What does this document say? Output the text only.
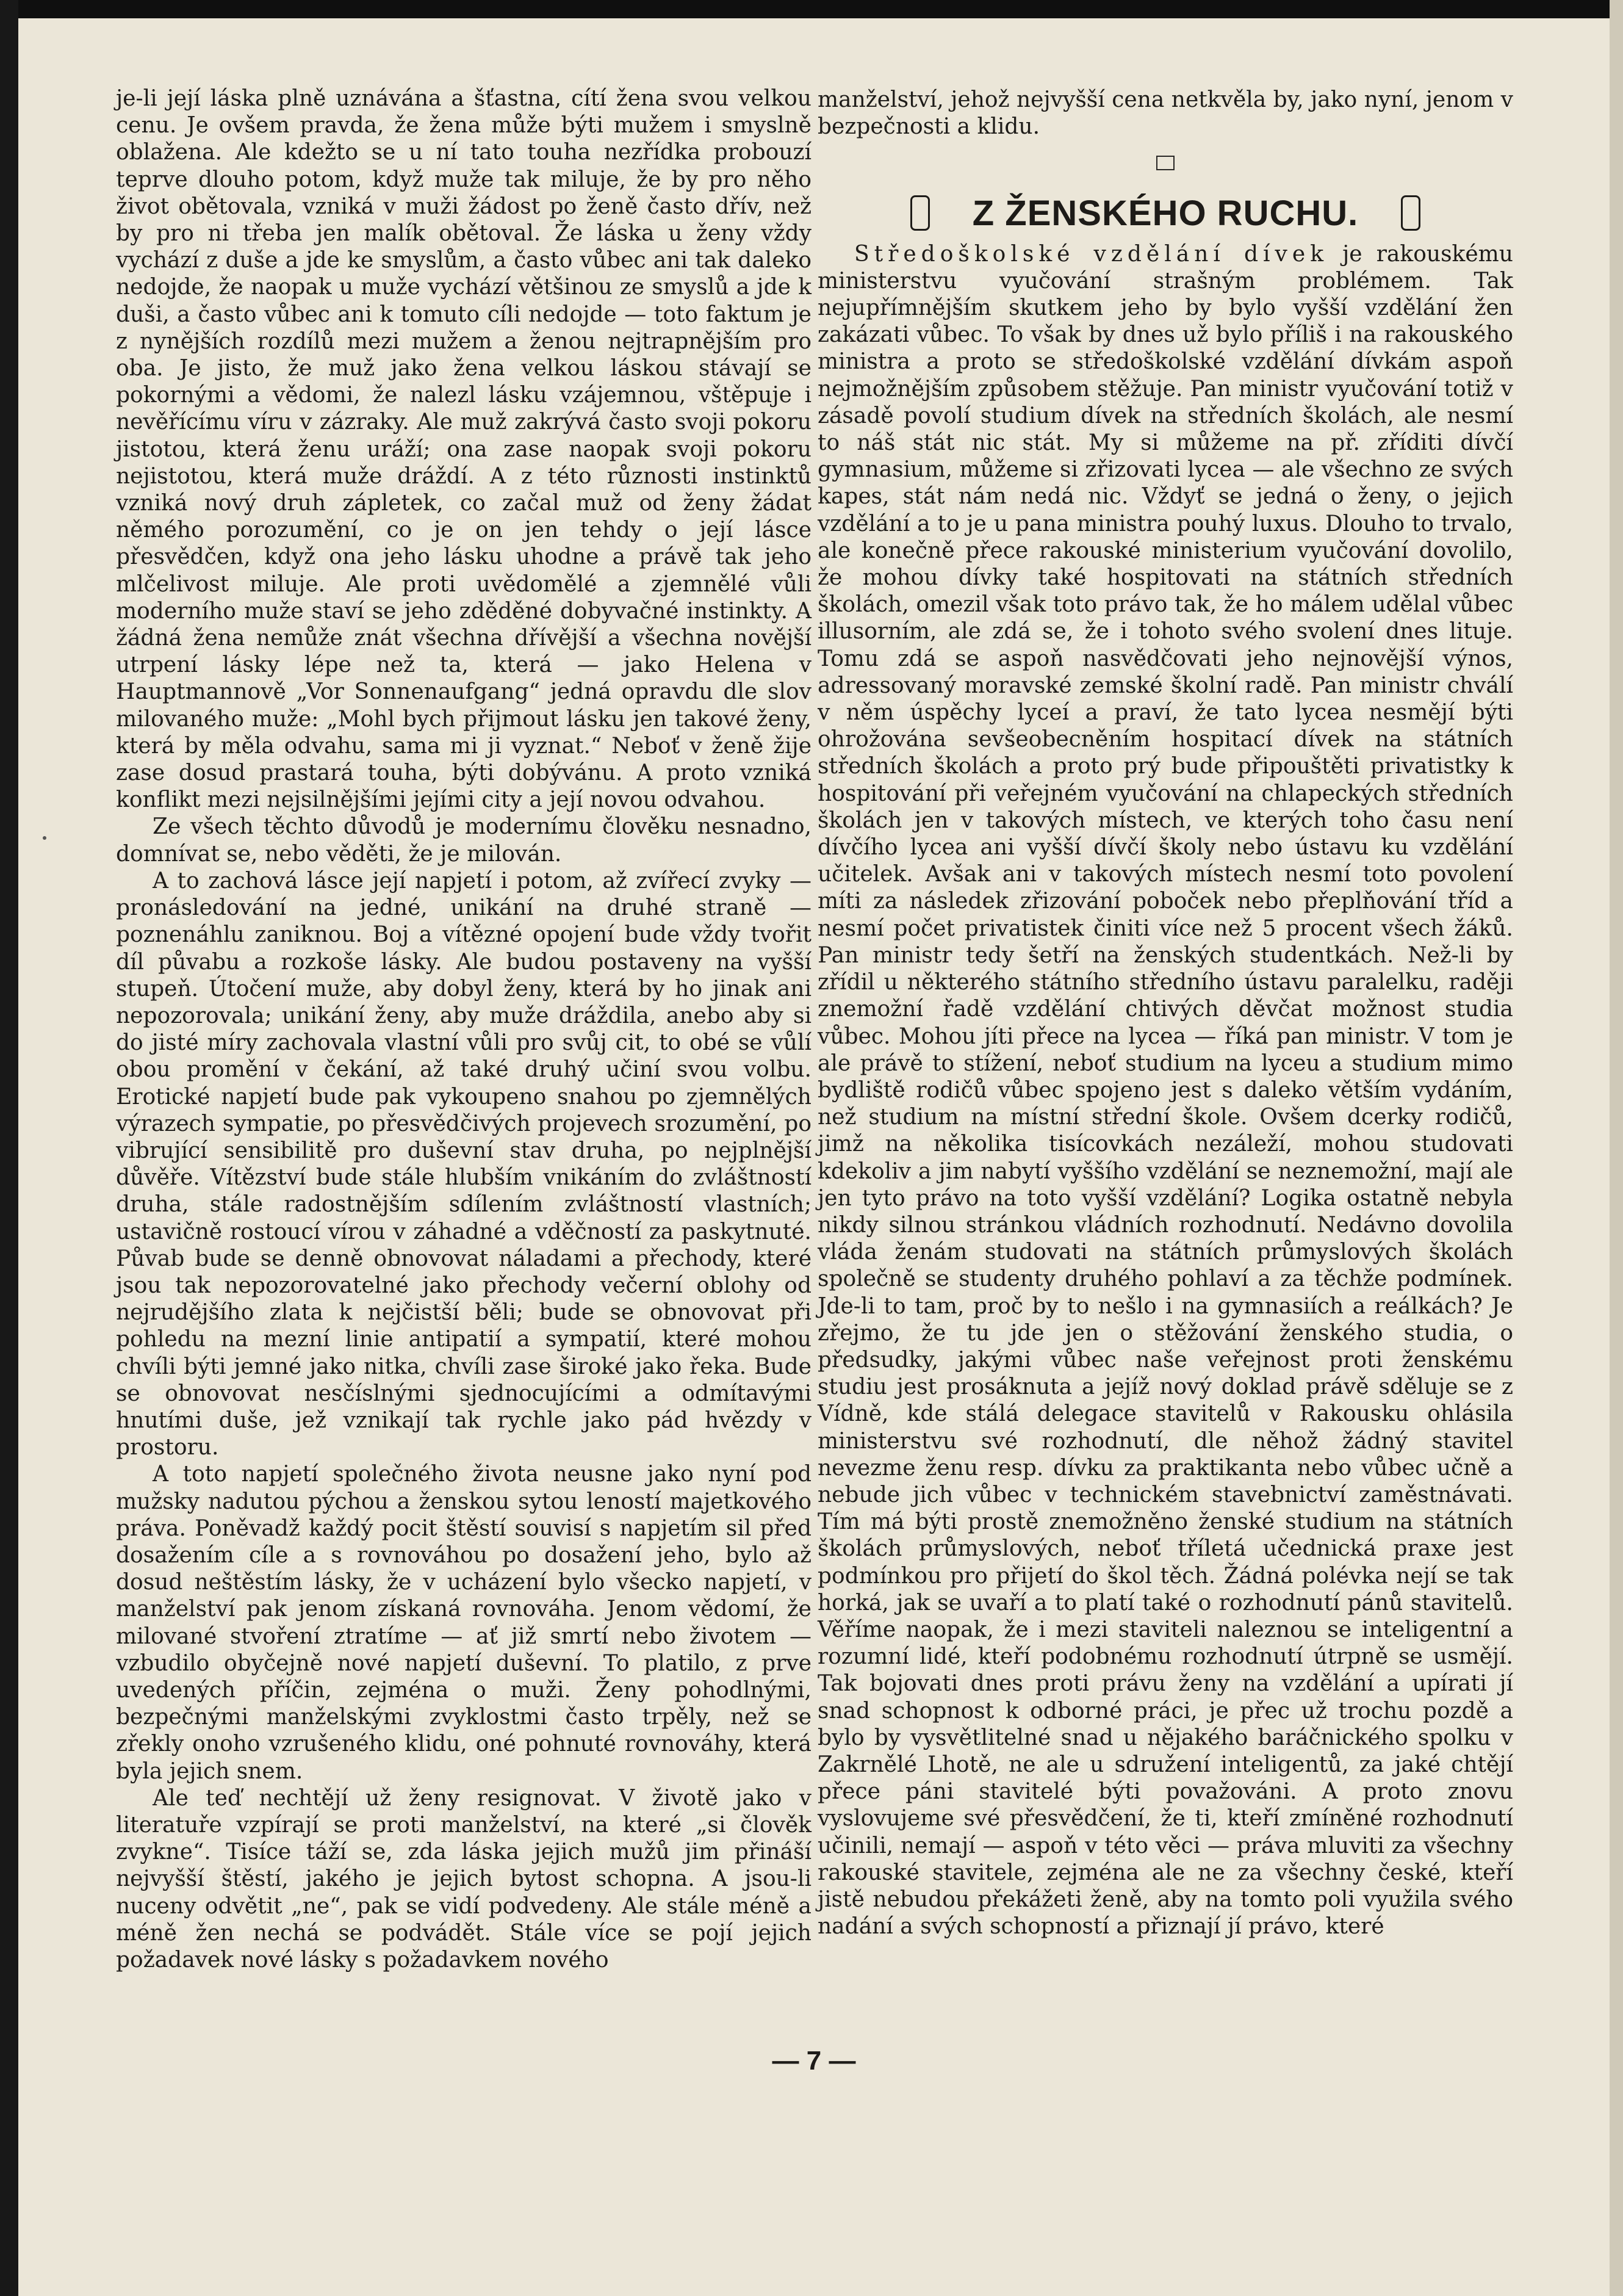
je-li její láska plně uznávána a šťastna, cítí žena svou velkou cenu. Je ovšem pravda, že žena může býti mužem i smyslně oblažena. Ale kdežto se u ní tato touha nezřídka probouzí teprve dlouho potom, když muže tak miluje, že by pro něho život obětovala, vzniká v muži žádost po ženě často dřív, než by pro ni třeba jen malík obětoval. Že láska u ženy vždy vychází z duše a jde ke smyslům, a často vůbec ani tak daleko nedojde, že naopak u muže vychází většinou ze smyslů a jde k duši, a často vůbec ani k tomuto cíli nedojde — toto faktum je z nynějších rozdílů mezi mužem a ženou nejtrapnějším pro oba. Je jisto, že muž jako žena velkou láskou stávají se pokornými a vědomi, že nalezl lásku vzájemnou, vštěpuje i nevěřícímu víru v zázraky. Ale muž zakrývá často svoji pokoru jistotou, která ženu uráží; ona zase naopak svoji pokoru nejistotou, která muže dráždí. A z této různosti instinktů vzniká nový druh zápletek, co začal muž od ženy žádat němého porozumění, co je on jen tehdy o její lásce přesvědčen, když ona jeho lásku uhodne a právě tak jeho mlčelivost miluje. Ale proti uvědomělé a zjemnělé vůli moderního muže staví se jeho zděděné dobyvačné instinkty. A žádná žena nemůže znát všechna dřívější a všechna novější utrpení lásky lépe než ta, která — jako Helena v Hauptmannově „Vor Sonnenaufgang“ jedná opravdu dle slov milovaného muže: „Mohl bych přijmout lásku jen takové ženy, která by měla odvahu, sama mi ji vyznat.“ Neboť v ženě žije zase dosud prastará touha, býti dobývánu. A proto vzniká konflikt mezi nejsilnějšími jejími city a její novou odvahou.

Ze všech těchto důvodů je modernímu člověku nesnadno, domnívat se, nebo věděti, že je milován.

A to zachová lásce její napjetí i potom, až zvířecí zvyky — pronásledování na jedné, unikání na druhé straně — poznenáhlu zaniknou. Boj a vítězné opojení bude vždy tvořit díl půvabu a rozkoše lásky. Ale budou postaveny na vyšší stupeň. Útočení muže, aby dobyl ženy, která by ho jinak ani nepozorovala; unikání ženy, aby muže dráždila, anebo aby si do jisté míry zachovala vlastní vůli pro svůj cit, to obé se vůlí obou promění v čekání, až také druhý učiní svou volbu. Erotické napjetí bude pak vykoupeno snahou po zjemnělých výrazech sympatie, po přesvědčivých projevech srozumění, po vibrující sensibilitě pro duševní stav druha, po nejplnější důvěře. Vítězství bude stále hlubším vnikáním do zvláštností druha, stále radostnějším sdílením zvláštností vlastních; ustavičně rostoucí vírou v záhadné a vděčností za paskytnuté. Půvab bude se denně obnovovat náladami a přechody, které jsou tak nepozorovatelné jako přechody večerní oblohy od nejrudějšího zlata k nejčistší běli; bude se obnovovat při pohledu na mezní linie antipatií a sympatií, které mohou chvíli býti jemné jako nitka, chvíli zase široké jako řeka. Bude se obnovovat nesčíslnými sjednocujícími a odmítavými hnutími duše, jež vznikají tak rychle jako pád hvězdy v prostoru.

A toto napjetí společného života neusne jako nyní pod mužsky nadutou pýchou a ženskou sytou leností majetkového práva. Poněvadž každý pocit štěstí souvisí s napjetím sil před dosažením cíle a s rovnováhou po dosažení jeho, bylo až dosud neštěstím lásky, že v ucházení bylo všecko napjetí, v manželství pak jenom získaná rovnováha. Jenom vědomí, že milované stvoření ztratíme — ať již smrtí nebo životem — vzbudilo obyčejně nové napjetí duševní. To platilo, z prve uvedených příčin, zejména o muži. Ženy pohodlnými, bezpečnými manželskými zvyklostmi často trpěly, než se zřekly onoho vzrušeného klidu, oné pohnuté rovnováhy, která byla jejich snem.

Ale teď nechtějí už ženy resignovat. V životě jako v literatuře vzpírají se proti manželství, na které „si člověk zvykne“. Tisíce táží se, zda láska jejich mužů jim přináší nejvyšší štěstí, jakého je jejich bytost schopna. A jsou-li nuceny odvětit „ne“, pak se vidí podvedeny. Ale stále méně a méně žen nechá se podvádět. Stále více se pojí jejich požadavek nové lásky s požadavkem nového

manželství, jehož nejvyšší cena netkvěla by, jako nyní, jenom v bezpečnosti a klidu.

Z ŽENSKÉHO RUCHU.

Středoškolské vzdělání dívek je rakouskému ministerstvu vyučování strašným problémem. Tak nejupřímnějším skutkem jeho by bylo vyšší vzdělání žen zakázati vůbec. To však by dnes už bylo příliš i na rakouského ministra a proto se středoškolské vzdělání dívkám aspoň nejmožnějším způsobem stěžuje. Pan ministr vyučování totiž v zásadě povolí studium dívek na středních školách, ale nesmí to náš stát nic stát. My si můžeme na př. zříditi dívčí gymnasium, můžeme si zřizovati lycea — ale všechno ze svých kapes, stát nám nedá nic. Vždyť se jedná o ženy, o jejich vzdělání a to je u pana ministra pouhý luxus. Dlouho to trvalo, ale konečně přece rakouské ministerium vyučování dovolilo, že mohou dívky také hospitovati na státních středních školách, omezil však toto právo tak, že ho málem udělal vůbec illusorním, ale zdá se, že i tohoto svého svolení dnes lituje. Tomu zdá se aspoň nasvědčovati jeho nejnovější výnos, adressovaný moravské zemské školní radě. Pan ministr chválí v něm úspěchy lyceí a praví, že tato lycea nesmějí býti ohrožována sevšeobecněním hospitací dívek na státních středních školách a proto prý bude připouštěti privatistky k hospitování při veřejném vyučování na chlapeckých středních školách jen v takových místech, ve kterých toho času není dívčího lycea ani vyšší dívčí školy nebo ústavu ku vzdělání učitelek. Avšak ani v takových místech nesmí toto povolení míti za následek zřizování poboček nebo přeplňování tříd a nesmí počet privatistek činiti více než 5 procent všech žáků. Pan ministr tedy šetří na ženských studentkách. Než-li by zřídil u některého státního středního ústavu paralelku, raději znemožní řadě vzdělání chtivých děvčat možnost studia vůbec. Mohou jíti přece na lycea — říká pan ministr. V tom je ale právě to stížení, neboť studium na lyceu a studium mimo bydliště rodičů vůbec spojeno jest s daleko větším vydáním, než studium na místní střední škole. Ovšem dcerky rodičů, jimž na několika tisícovkách nezáleží, mohou studovati kdekoliv a jim nabytí vyššího vzdělání se neznemožní, mají ale jen tyto právo na toto vyšší vzdělání? Logika ostatně nebyla nikdy silnou stránkou vládních rozhodnutí. Nedávno dovolila vláda ženám studovati na státních průmyslových školách společně se studenty druhého pohlaví a za těchže podmínek. Jde-li to tam, proč by to nešlo i na gymnasiích a reálkách? Je zřejmo, že tu jde jen o stěžování ženského studia, o předsudky, jakými vůbec naše veřejnost proti ženskému studiu jest prosáknuta a jejíž nový doklad právě sděluje se z Vídně, kde stálá delegace stavitelů v Rakousku ohlásila ministerstvu své rozhodnutí, dle něhož žádný stavitel nevezme ženu resp. dívku za praktikanta nebo vůbec učně a nebude jich vůbec v technickém stavebnictví zaměstnávati. Tím má býti prostě znemožněno ženské studium na státních školách průmyslových, neboť tříletá učednická praxe jest podmínkou pro přijetí do škol těch. Žádná polévka nejí se tak horká, jak se uvaří a to platí také o rozhodnutí pánů stavitelů. Věříme naopak, že i mezi staviteli naleznou se inteligentní a rozumní lidé, kteří podobnému rozhodnutí útrpně se usmějí. Tak bojovati dnes proti právu ženy na vzdělání a upírati jí snad schopnost k odborné práci, je přec už trochu pozdě a bylo by vysvětlitelné snad u nějakého baráčnického spolku v Zakrnělé Lhotě, ne ale u sdružení inteligentů, za jaké chtějí přece páni stavitelé býti považováni. A proto znovu vyslovujeme své přesvědčení, že ti, kteří zmíněné rozhodnutí učinili, nemají — aspoň v této věci — práva mluviti za všechny rakouské stavitele, zejména ale ne za všechny české, kteří jistě nebudou překážeti ženě, aby na tomto poli využila svého nadání a svých schopností a přiznají jí právo, které

— 7 —
